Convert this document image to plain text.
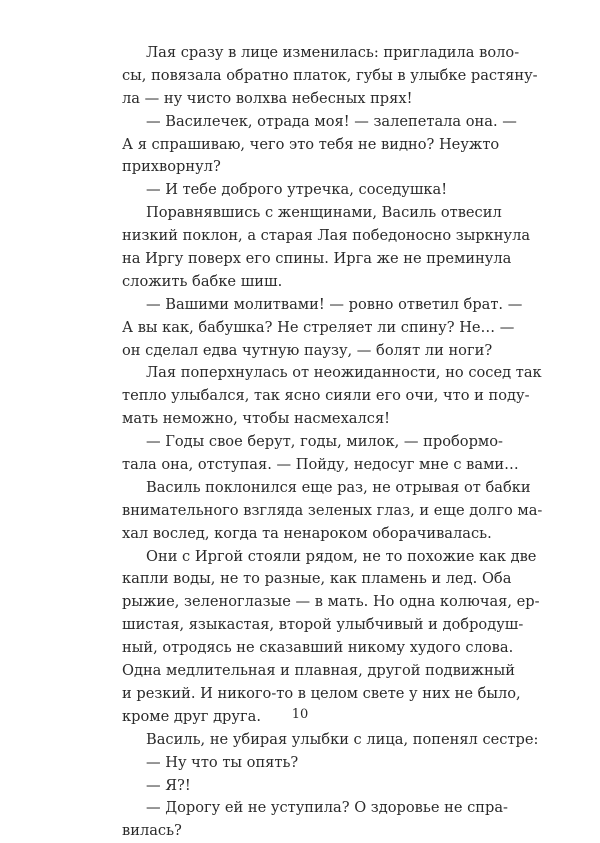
Лая сразу в лице изменилась: пригладила воло-
сы, повязала обратно платок, губы в улыбке растяну-
ла — ну чисто волхва небесных прях!
— Василечек, отрада моя! — залепетала она. —
А я спрашиваю, чего это тебя не видно? Неужто
прихворнул?
— И тебе доброго утречка, соседушка!
Поравнявшись с женщинами, Василь отвесил
низкий поклон, а старая Лая победоносно зыркнула
на Иргу поверх его спины. Ирга же не преминула
сложить бабке шиш.
— Вашими молитвами! — ровно ответил брат. —
А вы как, бабушка? Не стреляет ли спину? Не… —
он сделал едва чутную паузу, — болят ли ноги?
Лая поперхнулась от неожиданности, но сосед так
тепло улыбался, так ясно сияли его очи, что и поду-
мать неможно, чтобы насмехался!
— Годы свое берут, годы, милок, — пробормо-
тала она, отступая. — Пойду, недосуг мне с вами…
Василь поклонился еще раз, не отрывая от бабки
внимательного взгляда зеленых глаз, и еще долго ма-
хал вослед, когда та ненароком оборачивалась.
Они с Иргой стояли рядом, не то похожие как две
капли воды, не то разные, как пламень и лед. Оба
рыжие, зеленоглазые — в мать. Но одна колючая, ер-
шистая, языкастая, второй улыбчивый и добродуш-
ный, отродясь не сказавший никому худого слова.
Одна медлительная и плавная, другой подвижный
и резкий. И никого-то в целом свете у них не было,
кроме друг друга.
Василь, не убирая улыбки с лица, попенял сестре:
— Ну что ты опять?
— Я?!
— Дорогу ей не уступила? О здоровье не спра-
вилась?
10
